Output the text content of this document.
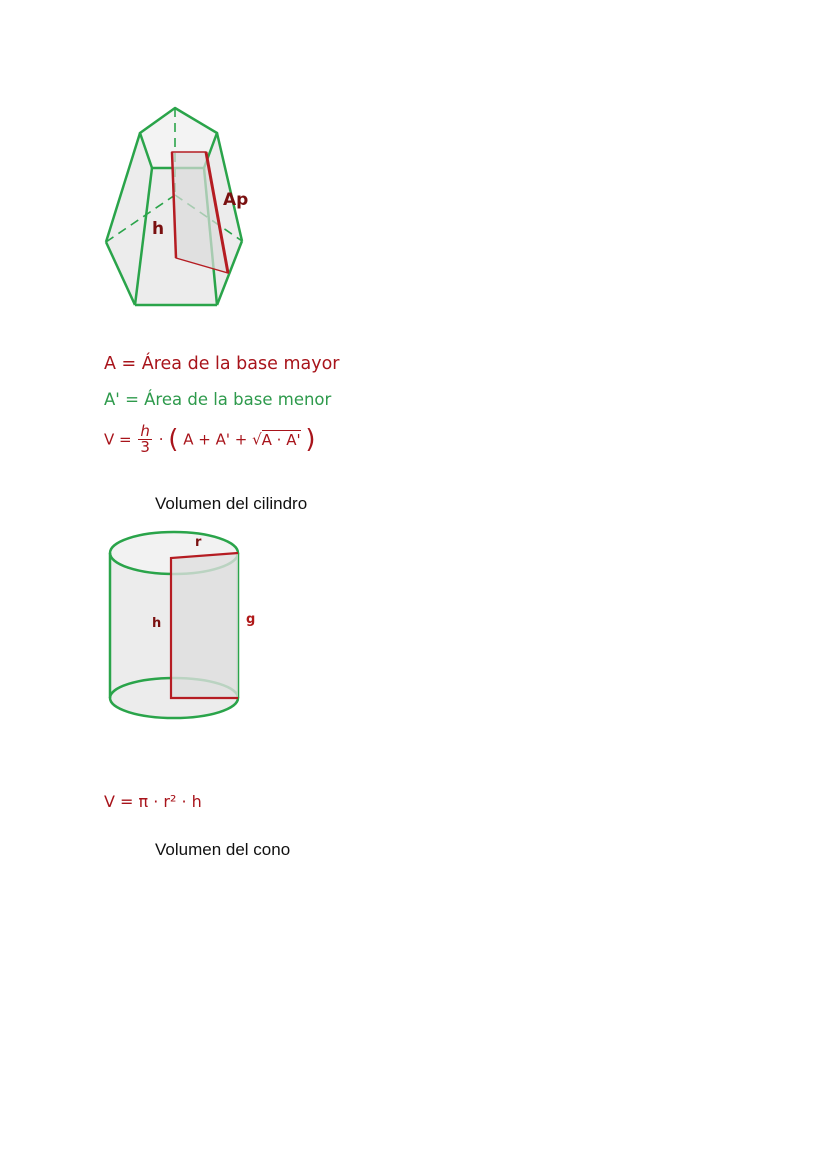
Ap
h
A = Área de la base mayor
A' = Área de la base menor
$V = \frac{h}{3}$ · ( A + A' + √A · A' )
Volumen del cilindro
r
h	g
V = π · r² · h
Volumen del cono
